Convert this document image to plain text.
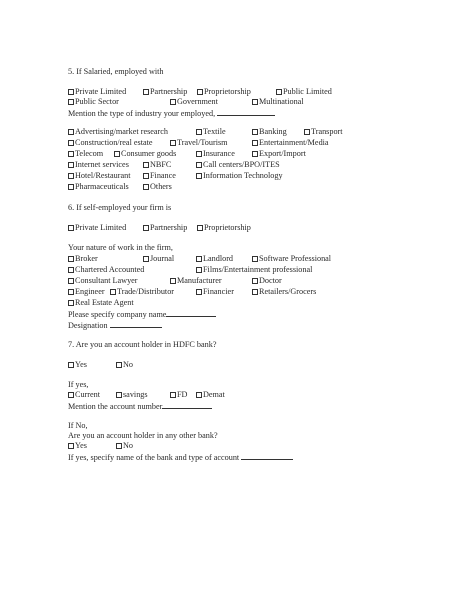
5. If Salaried, employed with
Private Limited	Partnership	Proprietorship	Public Limited
Public Sector	Government	Multinational
Mention the type of industry your employed,
Advertising/market research	Textile	Banking	Transport
Construction/real estate	Travel/Tourism	Entertainment/Media
Telecom	Consumer goods	Insurance	Export/Import
Internet services	NBFC	Call centers/BPO/ITES
Hotel/Restaurant	Finance	Information Technology
Pharmaceuticals	Others
6. If self-employed your firm is
Private Limited	Partnership	Proprietorship
Your nature of work in the firm,
Broker	Journal	Landlord	Software Professional
Chartered Accounted	Films/Entertainment professional
Consultant Lawyer	Manufacturer	Doctor
Engineer	Trade/Distributor	Financier	Retailers/Grocers
Real Estate Agent
Please specify company name
Designation
7. Are you an account holder in HDFC bank?
Yes	No
If yes,
Current	savings	FD	Demat
Mention the account number
If No,
Are you an account holder in any other bank?
Yes	No
If yes, specify name of the bank and type of account
